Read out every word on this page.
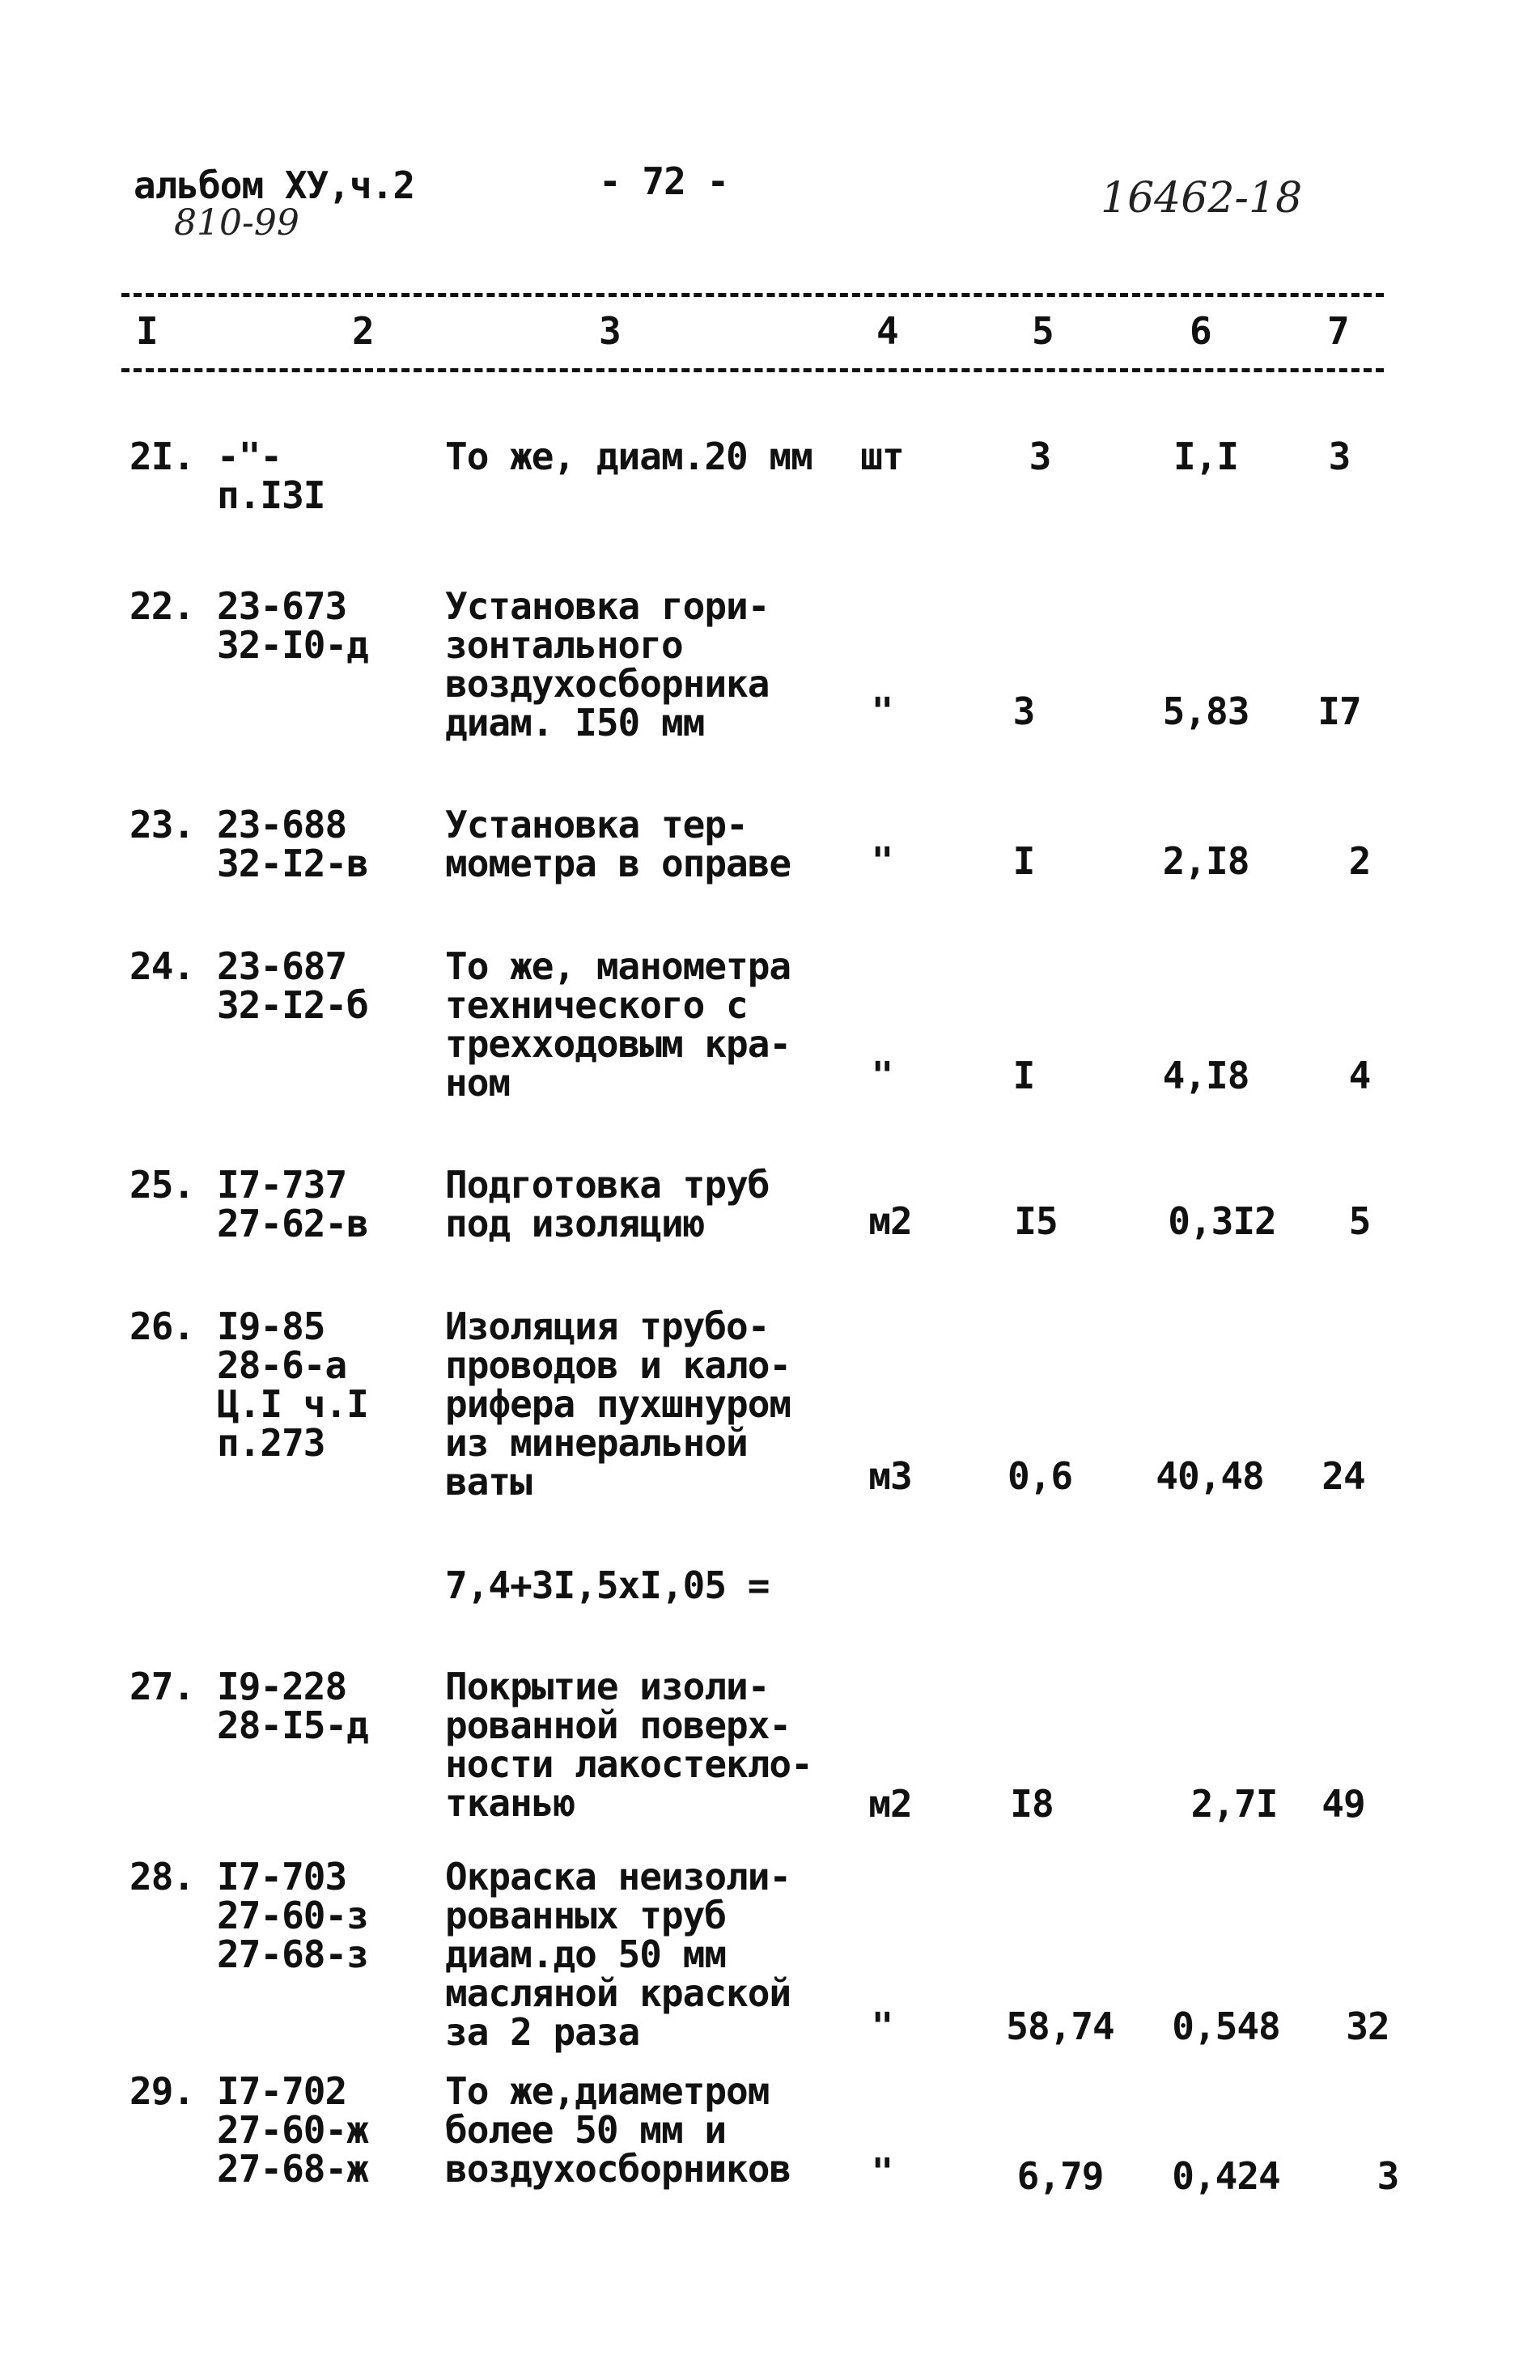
альбом ХУ,ч.2
810-99
- 72 -	16462-18
I	2	3	4	5	6	7
2I. -"-
п.I3I
То же, диам.20 мм	шт	3	I,I	3
22. 23-673
32-I0-д
Установка гори-
зонтального
воздухосборника
диам. I50 мм	"	3	5,83	I7
23. 23-688
32-I2-в
Установка тер-
мометра в оправе	"	I	2,I8	2
24. 23-687
32-I2-б
То же, манометра
технического с
трехходовым кра-
ном	"	I	4,I8	4
25. I7-737
27-62-в
Подготовка труб
под изоляцию	м2	I5	0,3I2	5
26. I9-85
28-6-а
Ц.I ч.I
п.273
Изоляция трубо-
проводов и кало-
рифера пухшнуром
из минеральной
ваты	м3	0,6	40,48	24
7,4+3I,5xI,05 =
27. I9-228
28-I5-д
Покрытие изоли-
рованной поверх-
ности лакостекло-
тканью	м2	I8	2,7I	49
28. I7-703
27-60-з
27-68-з
Окраска неизоли-
рованных труб
диам.до 50 мм
масляной краской
за 2 раза	"	58,74	0,548	32
29. I7-702
27-60-ж
27-68-ж
То же,диаметром
более 50 мм и
воздухосборников	"	6,79	0,424	3
